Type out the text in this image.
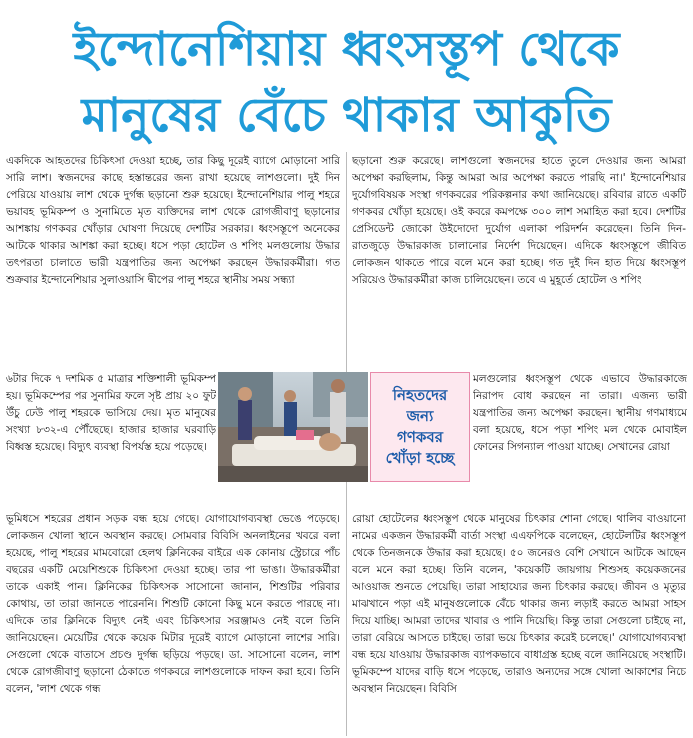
ইন্দোনেশিয়ায় ধ্বংসস্তূপ থেকে
মানুষের বেঁচে থাকার আকুতি

একদিকে আহতদের চিকিৎসা দেওয়া হচ্ছে, তার কিছু দূরেই ব্যাগে মোড়ানো সারি সারি লাশ। স্বজনদের কাছে হস্তান্তরের জন্য রাখা হয়েছে লাশগুলো। দুই দিন পেরিয়ে যাওয়ায় লাশ থেকে দুর্গন্ধ ছড়ানো শুরু হয়েছে। ইন্দোনেশিয়ার পালু শহরে ভয়াবহ ভূমিকম্প ও সুনামিতে মৃত ব্যক্তিদের লাশ থেকে রোগজীবাণু ছড়ানোর আশঙ্কায় গণকবর খোঁড়ার ঘোষণা দিয়েছে দেশটির সরকার। ধ্বংসস্তূপে অনেকের আটকে থাকার আশঙ্কা করা হচ্ছে। ধসে পড়া হোটেল ও শপিং মলগুলোয় উদ্ধার তৎপরতা চালাতে ভারী যন্ত্রপাতির জন্য অপেক্ষা করছেন উদ্ধারকর্মীরা। গত শুক্রবার ইন্দোনেশিয়ার সুলাওয়াসি দ্বীপের পালু শহরে স্থানীয় সময় সন্ধ্যা

ছড়ানো শুরু করেছে। লাশগুলো স্বজনদের হাতে তুলে দেওয়ার জন্য আমরা অপেক্ষা করছিলাম, কিন্তু আমরা আর অপেক্ষা করতে পারছি না।' ইন্দোনেশিয়ার দুর্যোগবিষয়ক সংস্থা গণকবরের পরিকল্পনার কথা জানিয়েছে। রবিবার রাতে একটি গণকবর খোঁড়া হয়েছে। ওই কবরে কমপক্ষে ৩০০ লাশ সমাহিত করা হবে। দেশটির প্রেসিডেন্ট জোকো উইদোদো দুর্যোগ এলাকা পরিদর্শন করেছেন। তিনি দিন-রাতজুড়ে উদ্ধারকাজ চালানোর নির্দেশ দিয়েছেন। এদিকে ধ্বংসস্তূপে জীবিত লোকজন থাকতে পারে বলে মনে করা হচ্ছে। গত দুই দিন হাত দিয়ে ধ্বংসস্তূপ সরিয়েও উদ্ধারকর্মীরা কাজ চালিয়েছেন। তবে এ মুহূর্তে হোটেল ও শপিং

৬টার দিকে ৭ দশমিক ৫ মাত্রার শক্তিশালী ভূমিকম্প হয়। ভূমিকম্পের পর সুনামির ফলে সৃষ্ট প্রায় ২০ ফুট উঁচু ঢেউ পালু শহরকে ভাসিয়ে দেয়। মৃত মানুষের সংখ্যা ৮৩২-এ পৌঁছেছে। হাজার হাজার ঘরবাড়ি বিধ্বস্ত হয়েছে। বিদ্যুৎ ব্যবস্থা বিপর্যস্ত হয়ে পড়েছে।

নিহতদের
জন্য
গণকবর
খোঁড়া হচ্ছে

মলগুলোর ধ্বংসস্তূপ থেকে এভাবে উদ্ধারকাজে নিরাপদ বোধ করছেন না তারা। এজন্য ভারী যন্ত্রপাতির জন্য অপেক্ষা করছেন। স্থানীয় গণমাধ্যমে বলা হয়েছে, ধসে পড়া শপিং মল থেকে মোবাইল ফোনের সিগন্যাল পাওয়া যাচ্ছে। সেখানের রোয়া

ভূমিধসে শহরের প্রধান সড়ক বন্ধ হয়ে গেছে। যোগাযোগব্যবস্থা ভেঙে পড়েছে। লোকজন খোলা স্থানে অবস্থান করছে। সোমবার বিবিসি অনলাইনের খবরে বলা হয়েছে, পালু শহরের মামবোরো হেলথ ক্লিনিকের বাইরে এক কোনায় স্ট্রেচারে পাঁচ বছরের একটি মেয়েশিশুকে চিকিৎসা দেওয়া হচ্ছে। তার পা ভাঙা। উদ্ধারকর্মীরা তাকে একাই পান। ক্লিনিকের চিকিৎসক সাসোনো জানান, শিশুটির পরিবার কোথায়, তা তারা জানতে পারেননি। শিশুটি কোনো কিছু মনে করতে পারছে না। এদিকে তার ক্লিনিকে বিদ্যুৎ নেই এবং চিকিৎসার সরঞ্জামও নেই বলে তিনি জানিয়েছেন। মেয়েটির থেকে কয়েক মিটার দূরেই ব্যাগে মোড়ানো লাশের সারি। সেগুলো থেকে বাতাসে প্রচণ্ড দুর্গন্ধ ছড়িয়ে পড়ছে। ডা. সাসোনো বলেন, লাশ থেকে রোগজীবাণু ছড়ানো ঠেকাতে গণকবরে লাশগুলোকে দাফন করা হবে। তিনি বলেন, 'লাশ থেকে গন্ধ

রোয়া হোটেলের ধ্বংসস্তূপ থেকে মানুষের চিৎকার শোনা গেছে। থালিব বাওয়ানো নামের একজন উদ্ধারকর্মী বার্তা সংস্থা এএফপিকে বলেছেন, হোটেলটির ধ্বংসস্তূপ থেকে তিনজনকে উদ্ধার করা হয়েছে। ৫০ জনেরও বেশি সেখানে আটকে আছেন বলে মনে করা হচ্ছে। তিনি বলেন, 'কয়েকটি জায়গায় শিশুসহ কয়েকজনের আওয়াজ শুনতে পেয়েছি। তারা সাহায্যের জন্য চিৎকার করছে। জীবন ও মৃত্যুর মাঝখানে পড়া এই মানুষগুলোকে বেঁচে থাকার জন্য লড়াই করতে আমরা সাহস দিয়ে যাচ্ছি। আমরা তাদের খাবার ও পানি দিয়েছি। কিন্তু তারা সেগুলো চাইছে না, তারা বেরিয়ে আসতে চাইছে। তারা ভয়ে চিৎকার করেই চলেছে।' যোগাযোগব্যবস্থা বন্ধ হয়ে যাওয়ায় উদ্ধারকাজ ব্যাপকভাবে বাধাগ্রস্ত হচ্ছে বলে জানিয়েছে সংস্থাটি। ভূমিকম্পে যাদের বাড়ি ধসে পড়েছে, তারাও অন্যদের সঙ্গে খোলা আকাশের নিচে অবস্থান নিয়েছেন। বিবিসি
